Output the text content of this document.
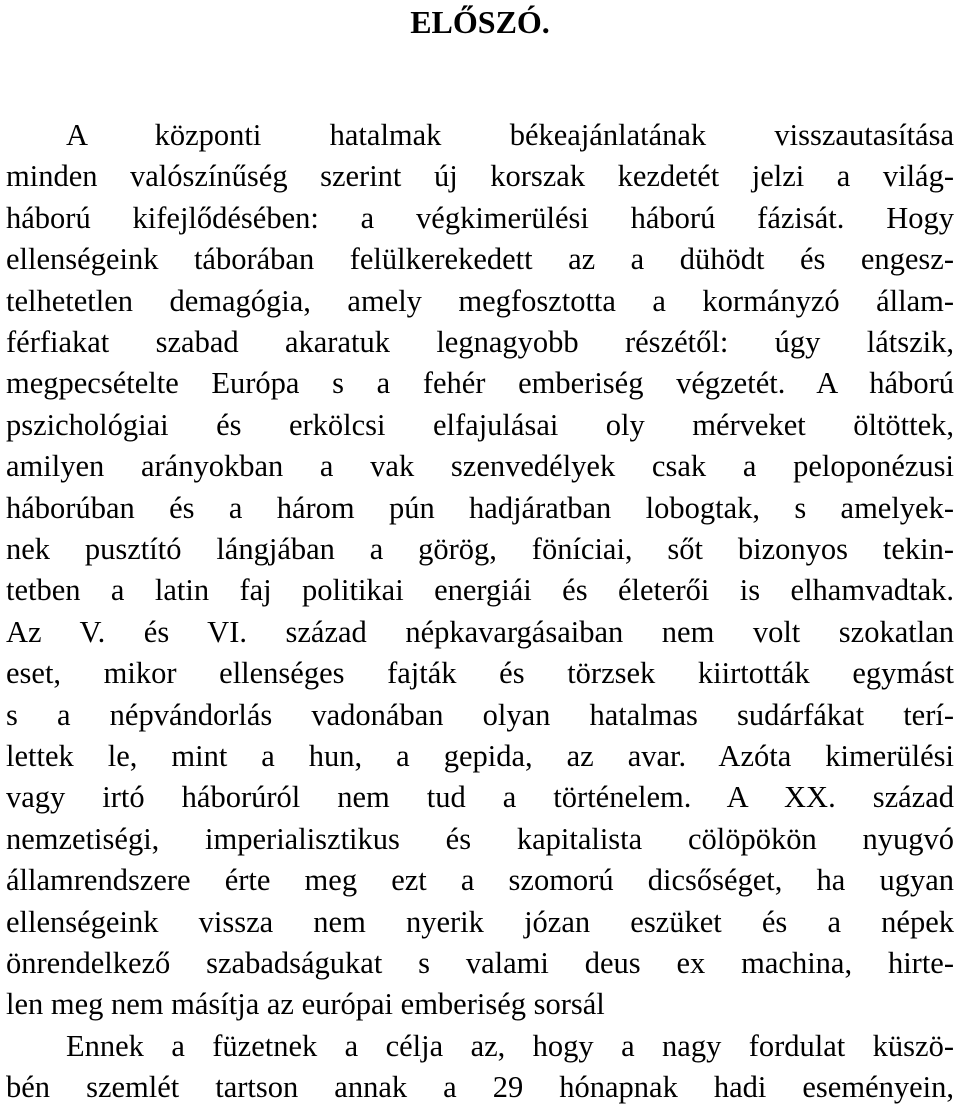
ELŐSZÓ.

A központi hatalmak békeajánlatának visszautasítása

minden valószínűség szerint új korszak kezdetét jelzi a világ-

háború kifejlődésében: a végkimerülési háború fázisát. Hogy

ellenségeink táborában felülkerekedett az a dühödt és engesz-

telhetetlen demagógia, amely megfosztotta a kormányzó állam-

férfiakat szabad akaratuk legnagyobb részétől: úgy látszik,

megpecsételte Európa s a fehér emberiség végzetét. A háború

pszichológiai és erkölcsi elfajulásai oly mérveket öltöttek,

amilyen arányokban a vak szenvedélyek csak a peloponézusi

háborúban és a három pún hadjáratban lobogtak, s amelyek-

nek pusztító lángjában a görög, föníciai, sőt bizonyos tekin-

tetben a latin faj politikai energiái és életerői is elhamvadtak.

Az V. és VI. század népkavargásaiban nem volt szokatlan

eset, mikor ellenséges fajták és törzsek kiirtották egymást

s a népvándorlás vadonában olyan hatalmas sudárfákat terí-

lettek le, mint a hun, a gepida, az avar. Azóta kimerülési

vagy irtó háborúról nem tud a történelem. A XX. század

nemzetiségi, imperialisztikus és kapitalista cölöpökön nyugvó

államrendszere érte meg ezt a szomorú dicsőséget, ha ugyan

ellenségeink vissza nem nyerik józan eszüket és a népek

önrendelkező szabadságukat s valami deus ex machina, hirte-

len meg nem másítja az európai emberiség sorsál

Ennek a füzetnek a célja az, hogy a nagy fordulat küszö-

bén szemlét tartson annak a 29 hónapnak hadi eseményein,
